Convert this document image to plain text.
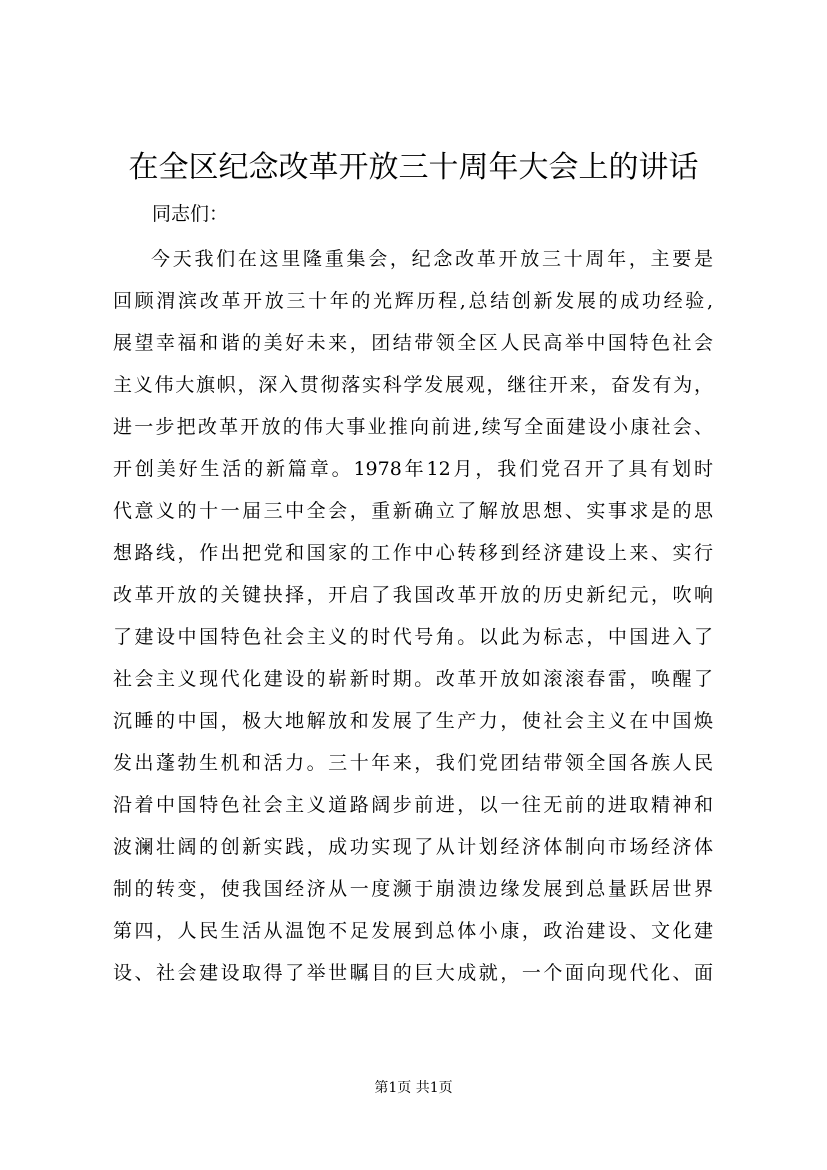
在全区纪念改革开放三十周年大会上的讲话
同志们：
今天我们在这里隆重集会，纪念改革开放三十周年，主要是
回顾渭滨改革开放三十年的光辉历程,总结创新发展的成功经验,
展望幸福和谐的美好未来，团结带领全区人民高举中国特色社会
主义伟大旗帜，深入贯彻落实科学发展观，继往开来，奋发有为，
进一步把改革开放的伟大事业推向前进,续写全面建设小康社会、
开创美好生活的新篇章。1978年12月，我们党召开了具有划时
代意义的十一届三中全会，重新确立了解放思想、实事求是的思
想路线，作出把党和国家的工作中心转移到经济建设上来、实行
改革开放的关键抉择，开启了我国改革开放的历史新纪元，吹响
了建设中国特色社会主义的时代号角。以此为标志，中国进入了
社会主义现代化建设的崭新时期。改革开放如滚滚春雷，唤醒了
沉睡的中国，极大地解放和发展了生产力，使社会主义在中国焕
发出蓬勃生机和活力。三十年来，我们党团结带领全国各族人民
沿着中国特色社会主义道路阔步前进，以一往无前的进取精神和
波澜壮阔的创新实践，成功实现了从计划经济体制向市场经济体
制的转变，使我国经济从一度濒于崩溃边缘发展到总量跃居世界
第四，人民生活从温饱不足发展到总体小康，政治建设、文化建
设、社会建设取得了举世瞩目的巨大成就，一个面向现代化、面
第1页 共1页
